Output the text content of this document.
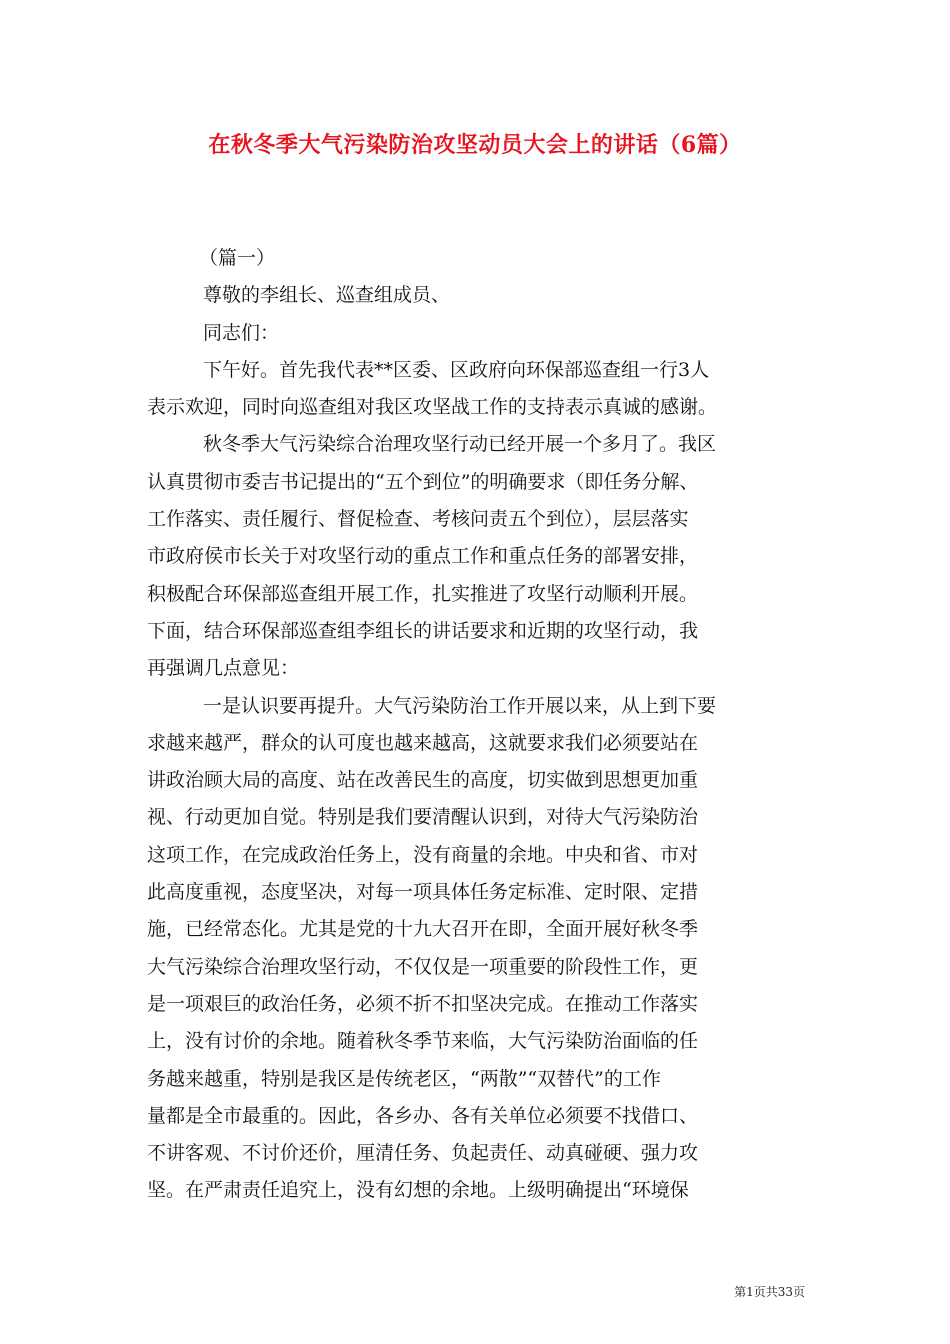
在秋冬季大气污染防治攻坚动员大会上的讲话（6篇）
（篇一）
尊敬的李组长、巡查组成员、
同志们：
下午好。首先我代表**区委、区政府向环保部巡查组一行3人
表示欢迎，同时向巡查组对我区攻坚战工作的支持表示真诚的感谢。
秋冬季大气污染综合治理攻坚行动已经开展一个多月了。我区
认真贯彻市委吉书记提出的“五个到位”的明确要求（即任务分解、
工作落实、责任履行、督促检查、考核问责五个到位），层层落实
市政府侯市长关于对攻坚行动的重点工作和重点任务的部署安排，
积极配合环保部巡查组开展工作，扎实推进了攻坚行动顺利开展。
下面，结合环保部巡查组李组长的讲话要求和近期的攻坚行动，我
再强调几点意见：
一是认识要再提升。大气污染防治工作开展以来，从上到下要
求越来越严，群众的认可度也越来越高，这就要求我们必须要站在
讲政治顾大局的高度、站在改善民生的高度，切实做到思想更加重
视、行动更加自觉。特别是我们要清醒认识到，对待大气污染防治
这项工作，在完成政治任务上，没有商量的余地。中央和省、市对
此高度重视，态度坚决，对每一项具体任务定标准、定时限、定措
施，已经常态化。尤其是党的十九大召开在即，全面开展好秋冬季
大气污染综合治理攻坚行动，不仅仅是一项重要的阶段性工作，更
是一项艰巨的政治任务，必须不折不扣坚决完成。在推动工作落实
上，没有讨价的余地。随着秋冬季节来临，大气污染防治面临的任
务越来越重，特别是我区是传统老区，“两散”“双替代”的工作
量都是全市最重的。因此，各乡办、各有关单位必须要不找借口、
不讲客观、不讨价还价，厘清任务、负起责任、动真碰硬、强力攻
坚。在严肃责任追究上，没有幻想的余地。上级明确提出“环境保
第1页共33页
